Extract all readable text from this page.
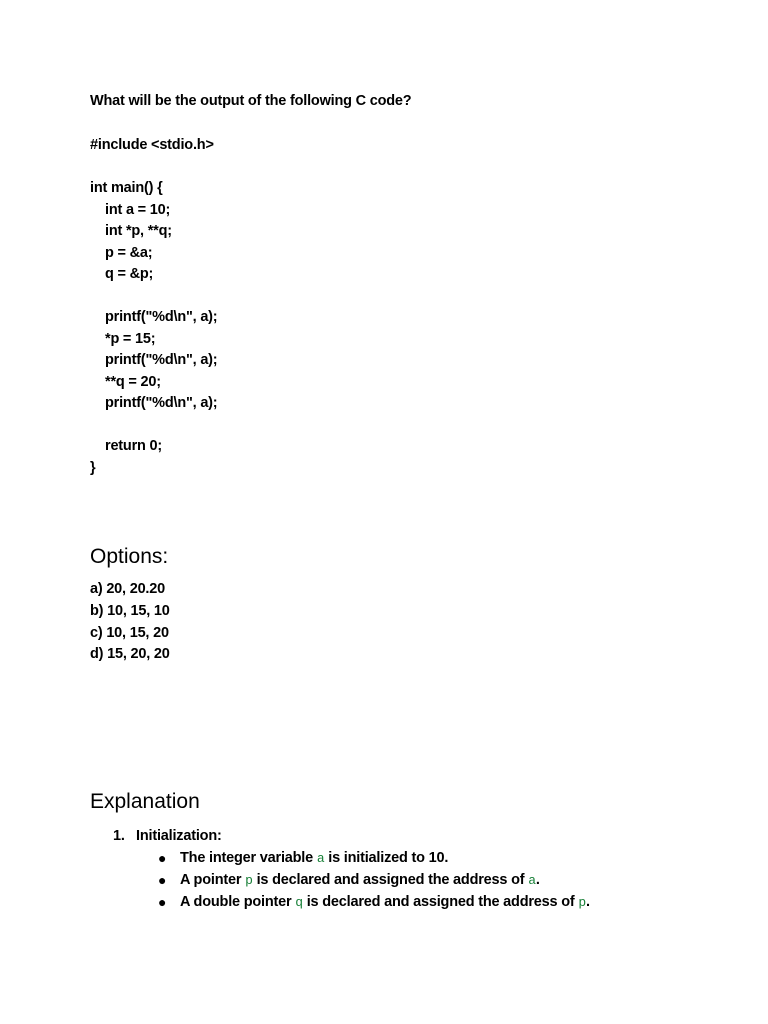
What will be the output of the following C code?
#include <stdio.h>
int main() {
int a = 10;
int *p, **q;
p = &a;
q = &p;
printf("%d\n", a);
*p = 15;
printf("%d\n", a);
**q = 20;
printf("%d\n", a);
return 0;
}
Options:
a) 20, 20.20
b) 10, 15, 10
c) 10, 15, 20
d) 15, 20, 20
Explanation
1. Initialization:
● The integer variable a is initialized to 10.
● A pointer p is declared and assigned the address of a.
● A double pointer q is declared and assigned the address of p.
